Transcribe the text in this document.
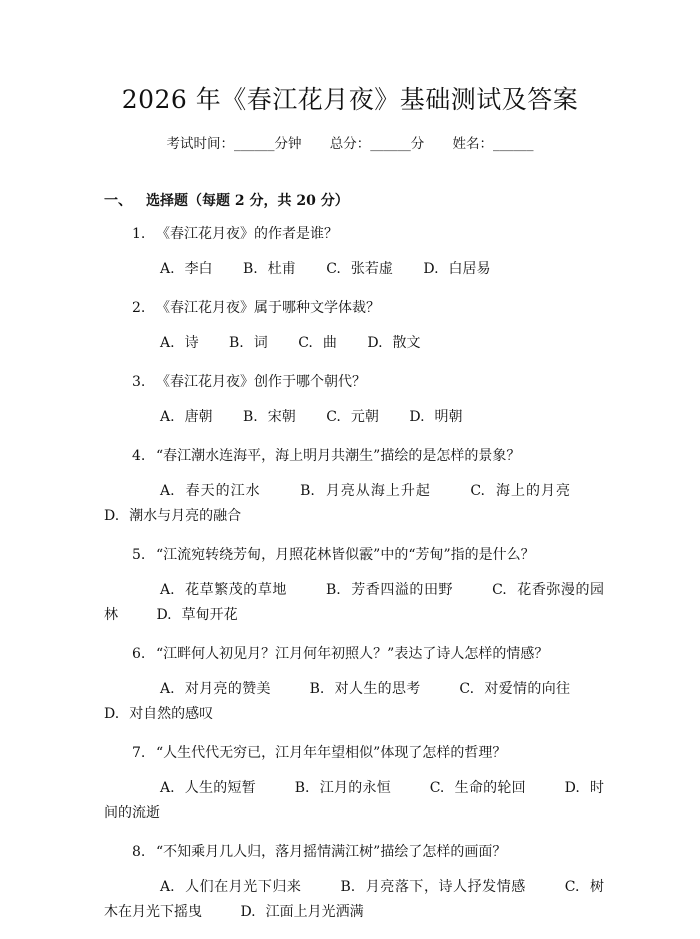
2026 年《春江花月夜》基础测试及答案
考试时间：______分钟 总分：______分 姓名：______
一、 选择题（每题 2 分，共 20 分）
1. 《春江花月夜》的作者是谁？
A. 李白 B. 杜甫 C. 张若虚 D. 白居易
2. 《春江花月夜》属于哪种文学体裁？
A. 诗 B. 词 C. 曲 D. 散文
3. 《春江花月夜》创作于哪个朝代？
A. 唐朝 B. 宋朝 C. 元朝 D. 明朝
4. “春江潮水连海平，海上明月共潮生”描绘的是怎样的景象？
A. 春天的江水	B. 月亮从海上升起	C. 海上的月亮 D. 潮水与月亮的融合
5. “江流宛转绕芳甸，月照花林皆似霰”中的“芳甸”指的是什么？
A. 花草繁茂的草地	B. 芳香四溢的田野	C. 花香弥漫的园林	D. 草甸开花
6. “江畔何人初见月？江月何年初照人？”表达了诗人怎样的情感？
A. 对月亮的赞美	B. 对人生的思考	C. 对爱情的向往 D. 对自然的感叹
7. “人生代代无穷已，江月年年望相似”体现了怎样的哲理？
A. 人生的短暂	B. 江月的永恒	C. 生命的轮回	D. 时间的流逝
8. “不知乘月几人归，落月摇情满江树”描绘了怎样的画面？
A. 人们在月光下归来	B. 月亮落下，诗人抒发情感	C. 树木在月光下摇曳	D. 江面上月光洒满
